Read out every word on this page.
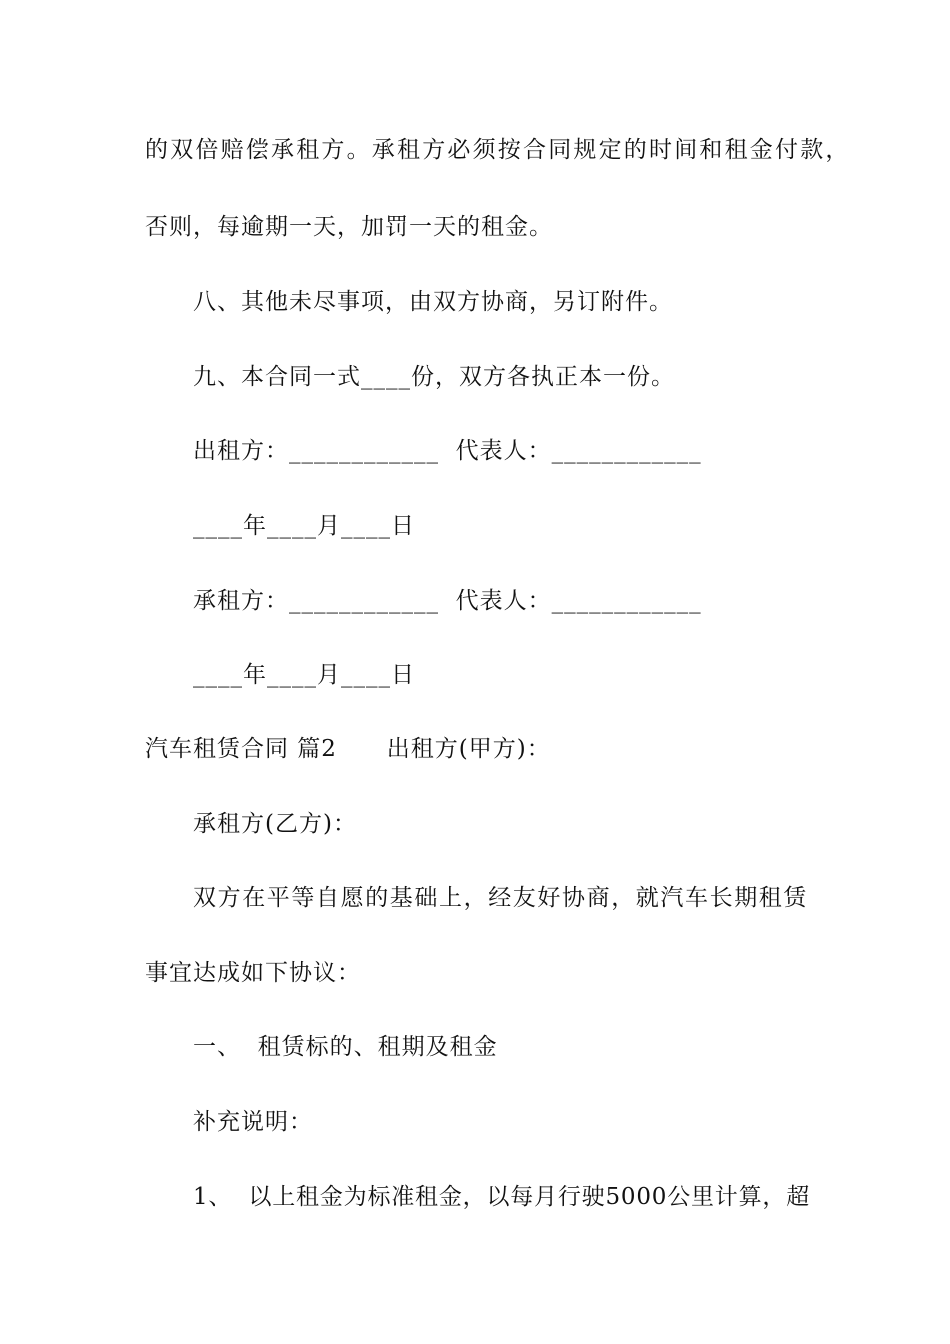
的双倍赔偿承租方。承租方必须按合同规定的时间和租金付款，
否则，每逾期一天，加罚一天的租金。
八、其他未尽事项，由双方协商，另订附件。
九、本合同一式____份，双方各执正本一份。
出租方：____________  代表人：____________
____年____月____日
承租方：____________  代表人：____________
____年____月____日
汽车租赁合同 篇2      出租方(甲方)：
承租方(乙方)：
双方在平等自愿的基础上，经友好协商，就汽车长期租赁
事宜达成如下协议：
一、  租赁标的、租期及租金
补充说明：
1、  以上租金为标准租金，以每月行驶5000公里计算，超
